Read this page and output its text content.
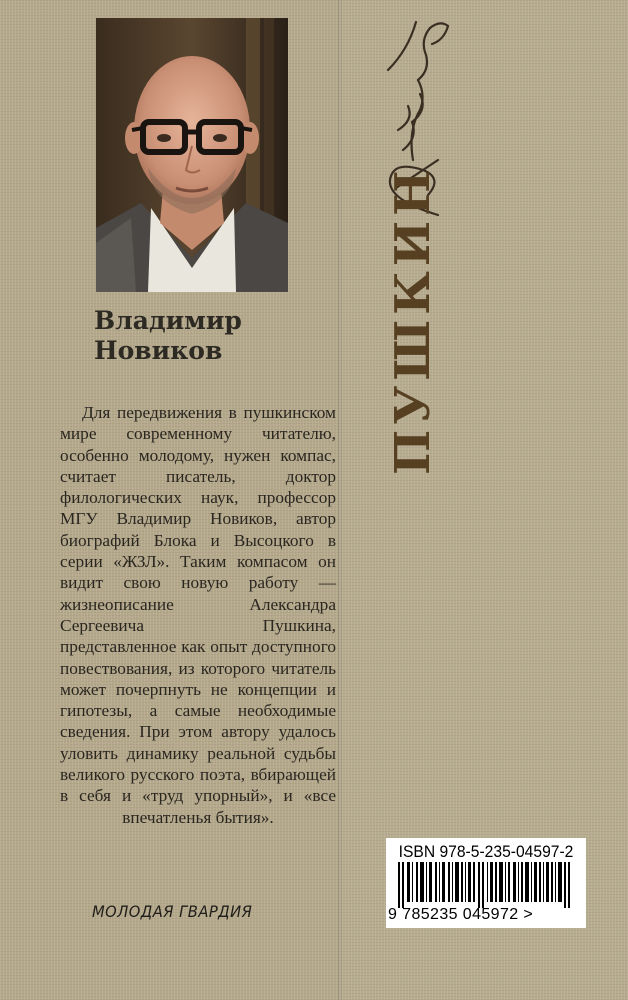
Владимир
Новиков

Для передвижения в пушкинском мире современному читателю, особенно молодому, нужен компас, считает писатель, доктор филологических наук, профессор МГУ Владимир Новиков, автор биографий Блока и Высоцкого в серии «ЖЗЛ». Таким компасом он видит свою новую работу — жизнеописание Александра Сергеевича Пушкина, представленное как опыт доступного повествования, из которого читатель может почерпнуть не концепции и гипотезы, а самые необходимые сведения. При этом автору удалось уловить динамику реальной судьбы великого русского поэта, вбирающей в себя и «труд упорный», и «все впечатленья бытия».

МОЛОДАЯ ГВАРДИЯ
ПУШКИН
ISBN 978-5-235-04597-2
9 785235 045972 >
